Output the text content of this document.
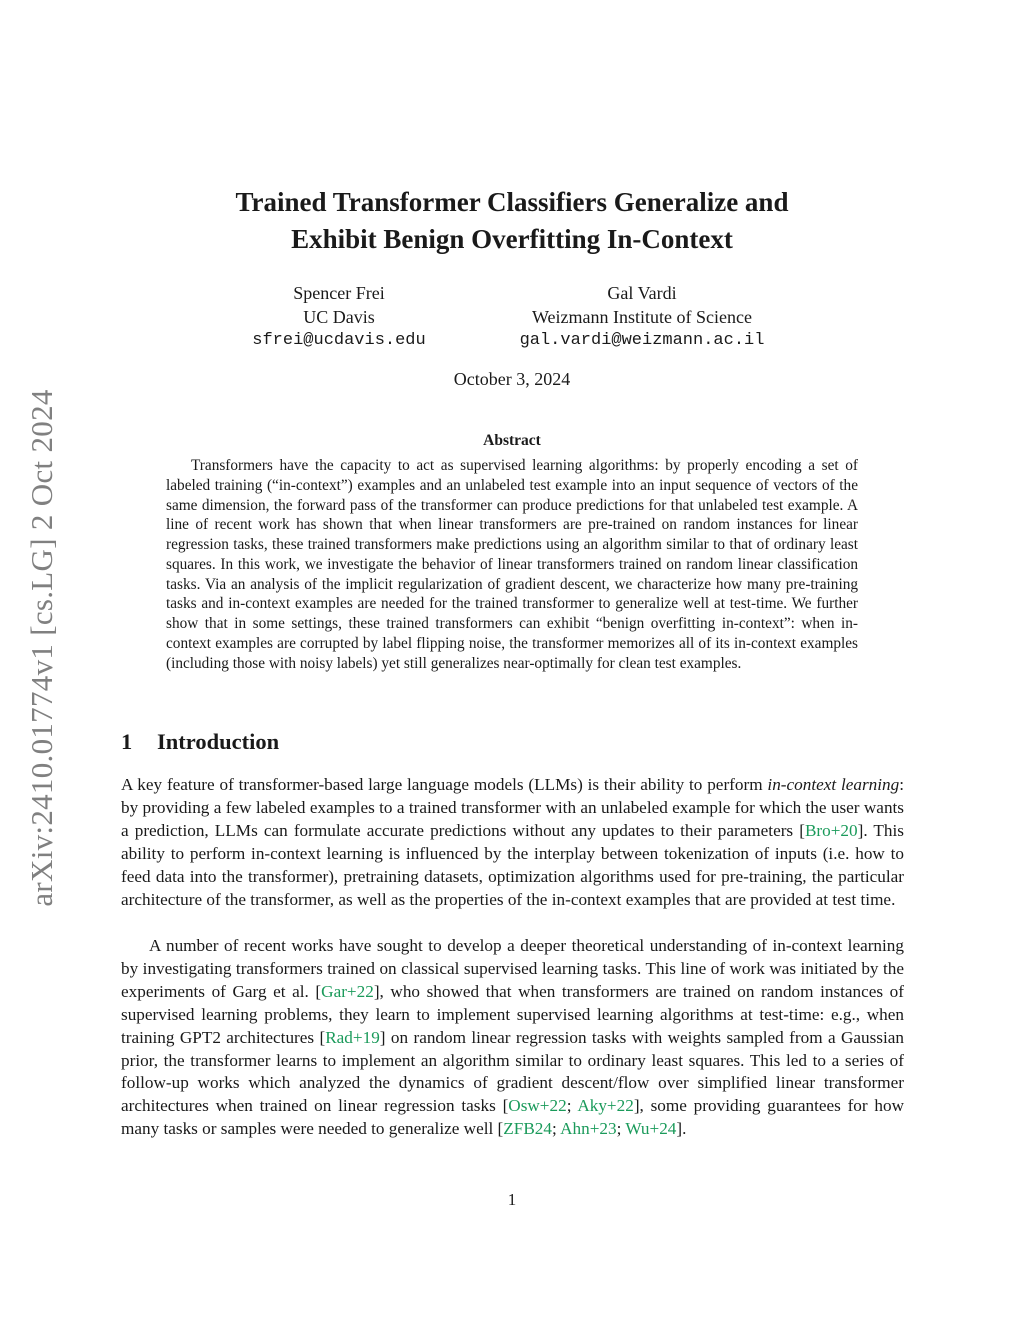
arXiv:2410.01774v1 [cs.LG] 2 Oct 2024
Trained Transformer Classifiers Generalize and
Exhibit Benign Overfitting In-Context
Spencer Frei
UC Davis
sfrei@ucdavis.edu
Gal Vardi
Weizmann Institute of Science
gal.vardi@weizmann.ac.il
October 3, 2024
Abstract

Transformers have the capacity to act as supervised learning algorithms: by properly encoding a set of labeled training (“in-context”) examples and an unlabeled test example into an input sequence of vectors of the same dimension, the forward pass of the transformer can produce predictions for that unlabeled test example. A line of recent work has shown that when linear transformers are pre-trained on random instances for linear regression tasks, these trained transformers make predictions using an algorithm similar to that of ordinary least squares. In this work, we investigate the behavior of linear transformers trained on random linear classification tasks. Via an analysis of the implicit regularization of gradient descent, we characterize how many pre-training tasks and in-context examples are needed for the trained transformer to generalize well at test-time. We further show that in some settings, these trained transformers can exhibit “benign overfitting in-context”: when in-context examples are corrupted by label flipping noise, the transformer memorizes all of its in-context examples (including those with noisy labels) yet still generalizes near-optimally for clean test examples.

1 Introduction

A key feature of transformer-based large language models (LLMs) is their ability to perform in-context learning: by providing a few labeled examples to a trained transformer with an unlabeled example for which the user wants a prediction, LLMs can formulate accurate predictions without any updates to their parameters [Bro+20]. This ability to perform in-context learning is influenced by the interplay between tokenization of inputs (i.e. how to feed data into the transformer), pretraining datasets, optimization algorithms used for pre-training, the particular architecture of the transformer, as well as the properties of the in-context examples that are provided at test time.

A number of recent works have sought to develop a deeper theoretical understanding of in-context learning by investigating transformers trained on classical supervised learning tasks. This line of work was initiated by the experiments of Garg et al. [Gar+22], who showed that when transformers are trained on random instances of supervised learning problems, they learn to implement supervised learning algorithms at test-time: e.g., when training GPT2 architectures [Rad+19] on random linear regression tasks with weights sampled from a Gaussian prior, the transformer learns to implement an algorithm similar to ordinary least squares. This led to a series of follow-up works which analyzed the dynamics of gradient descent/flow over simplified linear transformer architectures when trained on linear regression tasks [Osw+22; Aky+22], some providing guarantees for how many tasks or samples were needed to generalize well [ZFB24; Ahn+23; Wu+24].

1
